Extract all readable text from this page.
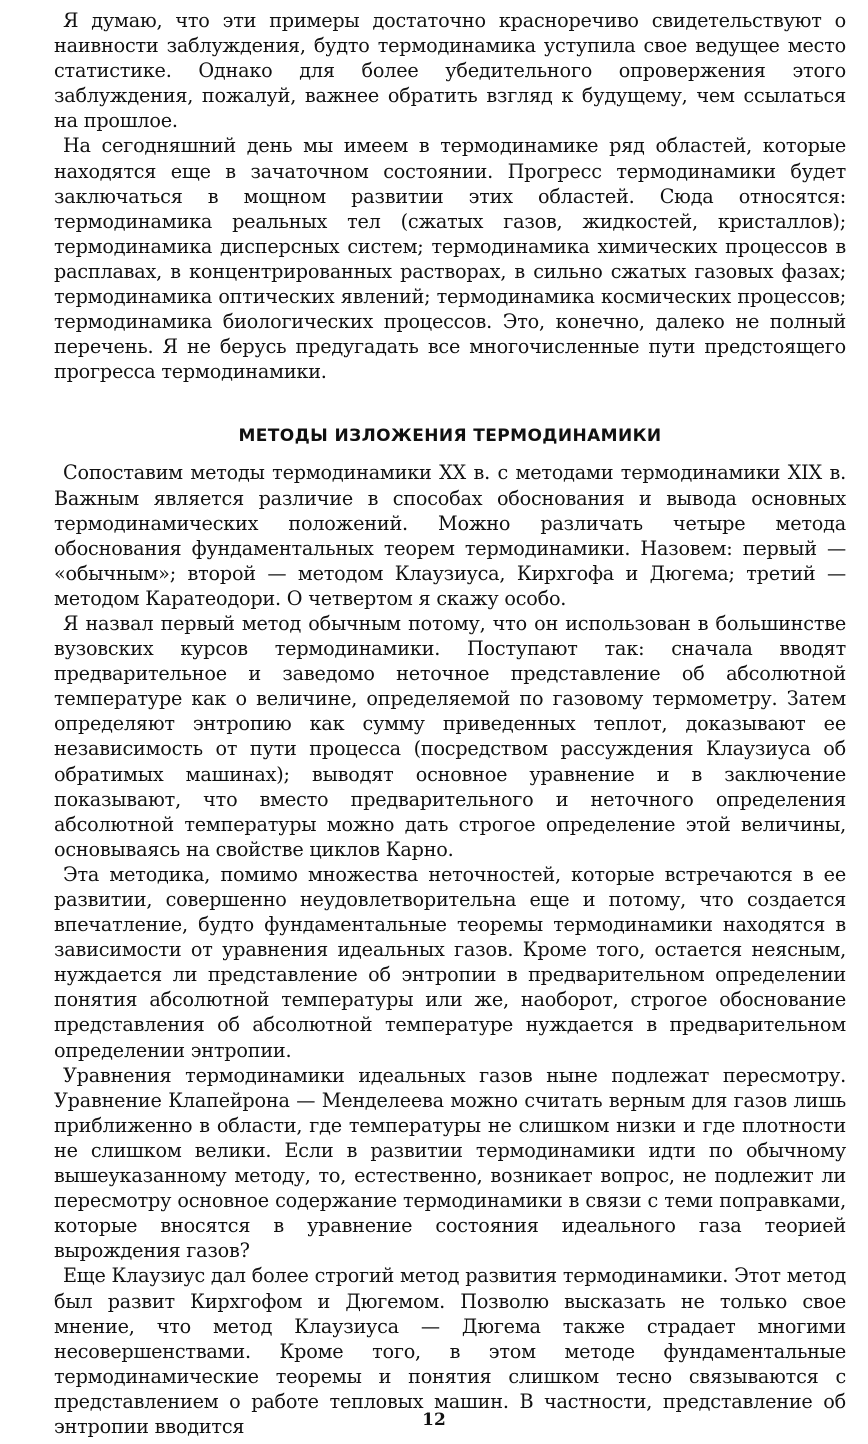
Я думаю, что эти примеры достаточно красноречиво свидетельствуют о наивности заблуждения, будто термодинамика уступила свое ведущее место статистике. Однако для более убедительного опровержения этого заблуждения, пожалуй, важнее обратить взгляд к будущему, чем ссылаться на прошлое.

На сегодняшний день мы имеем в термодинамике ряд областей, которые находятся еще в зачаточном состоянии. Прогресс термодинамики будет заключаться в мощном развитии этих областей. Сюда относятся: термодинамика реальных тел (сжатых газов, жидкостей, кристаллов); термодинамика дисперсных систем; термодинамика химических процессов в расплавах, в концентрированных растворах, в сильно сжатых газовых фазах; термодинамика оптических явлений; термодинамика космических процессов; термодинамика биологических процессов. Это, конечно, далеко не полный перечень. Я не берусь предугадать все многочисленные пути предстоящего прогресса термодинамики.

МЕТОДЫ ИЗЛОЖЕНИЯ ТЕРМОДИНАМИКИ

Сопоставим методы термодинамики XX в. с методами термодинамики XIX в. Важным является различие в способах обоснования и вывода основных термодинамических положений. Можно различать четыре метода обоснования фундаментальных теорем термодинамики. Назовем: первый — «обычным»; второй — методом Клаузиуса, Кирхгофа и Дюгема; третий — методом Каратеодори. О четвертом я скажу особо.

Я назвал первый метод обычным потому, что он использован в большинстве вузовских курсов термодинамики. Поступают так: сначала вводят предварительное и заведомо неточное представление об абсолютной температуре как о величине, определяемой по газовому термометру. Затем определяют энтропию как сумму приведенных теплот, доказывают ее независимость от пути процесса (посредством рассуждения Клаузиуса об обратимых машинах); выводят основное уравнение и в заключение показывают, что вместо предварительного и неточного определения абсолютной температуры можно дать строгое определение этой величины, основываясь на свойстве циклов Карно.

Эта методика, помимо множества неточностей, которые встречаются в ее развитии, совершенно неудовлетворительна еще и потому, что создается впечатление, будто фундаментальные теоремы термодинамики находятся в зависимости от уравнения идеальных газов. Кроме того, остается неясным, нуждается ли представление об энтропии в предварительном определении понятия абсолютной температуры или же, наоборот, строгое обоснование представления об абсолютной температуре нуждается в предварительном определении энтропии.

Уравнения термодинамики идеальных газов ныне подлежат пересмотру. Уравнение Клапейрона — Менделеева можно считать верным для газов лишь приближенно в области, где температуры не слишком низки и где плотности не слишком велики. Если в развитии термодинамики идти по обычному вышеуказанному методу, то, естественно, возникает вопрос, не подлежит ли пересмотру основное содержание термодинамики в связи с теми поправками, которые вносятся в уравнение состояния идеального газа теорией вырождения газов?

Еще Клаузиус дал более строгий метод развития термодинамики. Этот метод был развит Кирхгофом и Дюгемом. Позволю высказать не только свое мнение, что метод Клаузиуса — Дюгема также страдает многими несовершенствами. Кроме того, в этом методе фундаментальные термодинамические теоремы и понятия слишком тесно связываются с представлением о работе тепловых машин. В частности, представление об энтропии вводится	12
